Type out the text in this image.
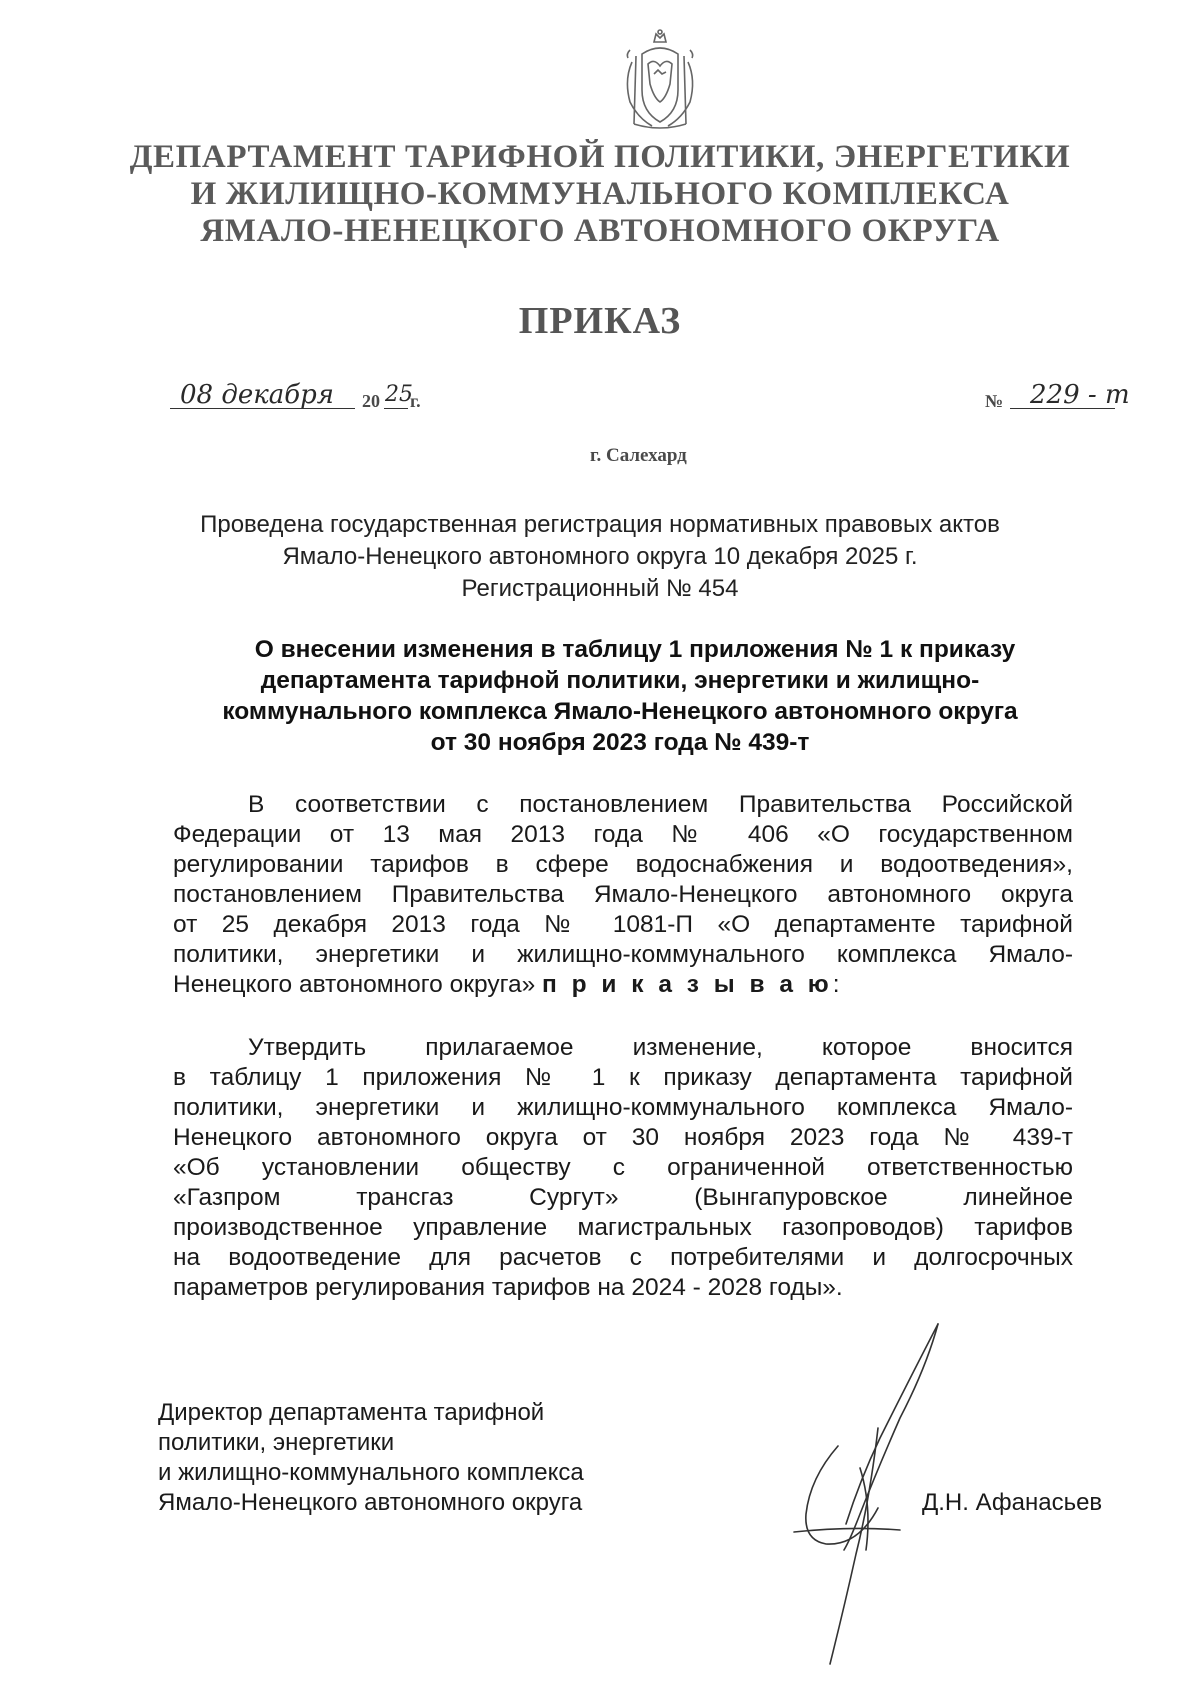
ДЕПАРТАМЕНТ ТАРИФНОЙ ПОЛИТИКИ, ЭНЕРГЕТИКИ
И ЖИЛИЩНО-КОММУНАЛЬНОГО КОМПЛЕКСА
ЯМАЛО-НЕНЕЦКОГО АВТОНОМНОГО ОКРУГА
ПРИКАЗ
08 декабря 20 25
г.	№ 229 - т
г. Салехард
Проведена государственная регистрация нормативных правовых актов
Ямало-Ненецкого автономного округа 10 декабря 2025 г.
Регистрационный № 454
О внесении изменения в таблицу 1 приложения № 1 к приказу
департамента тарифной политики, энергетики и жилищно-
коммунального комплекса Ямало-Ненецкого автономного округа
от 30 ноября 2023 года № 439-т
В соответствии с постановлением Правительства Российской
Федерации от 13 мая 2013 года № 406 «О государственном
регулировании тарифов в сфере водоснабжения и водоотведения»,
постановлением Правительства Ямало-Ненецкого автономного округа
от 25 декабря 2013 года № 1081-П «О департаменте тарифной
политики, энергетики и жилищно-коммунального комплекса Ямало-
Ненецкого автономного округа» п р и к а з ы в а ю:
Утвердить прилагаемое изменение, которое вносится
в таблицу 1 приложения № 1 к приказу департамента тарифной
политики, энергетики и жилищно-коммунального комплекса Ямало-
Ненецкого автономного округа от 30 ноября 2023 года № 439-т
«Об установлении обществу с ограниченной ответственностью
«Газпром трансгаз Сургут» (Вынгапуровское линейное
производственное управление магистральных газопроводов) тарифов
на водоотведение для расчетов с потребителями и долгосрочных
параметров регулирования тарифов на 2024 - 2028 годы».
Директор департамента тарифной
политики, энергетики
и жилищно-коммунального комплекса
Ямало-Ненецкого автономного округа	Д.Н. Афанасьев
